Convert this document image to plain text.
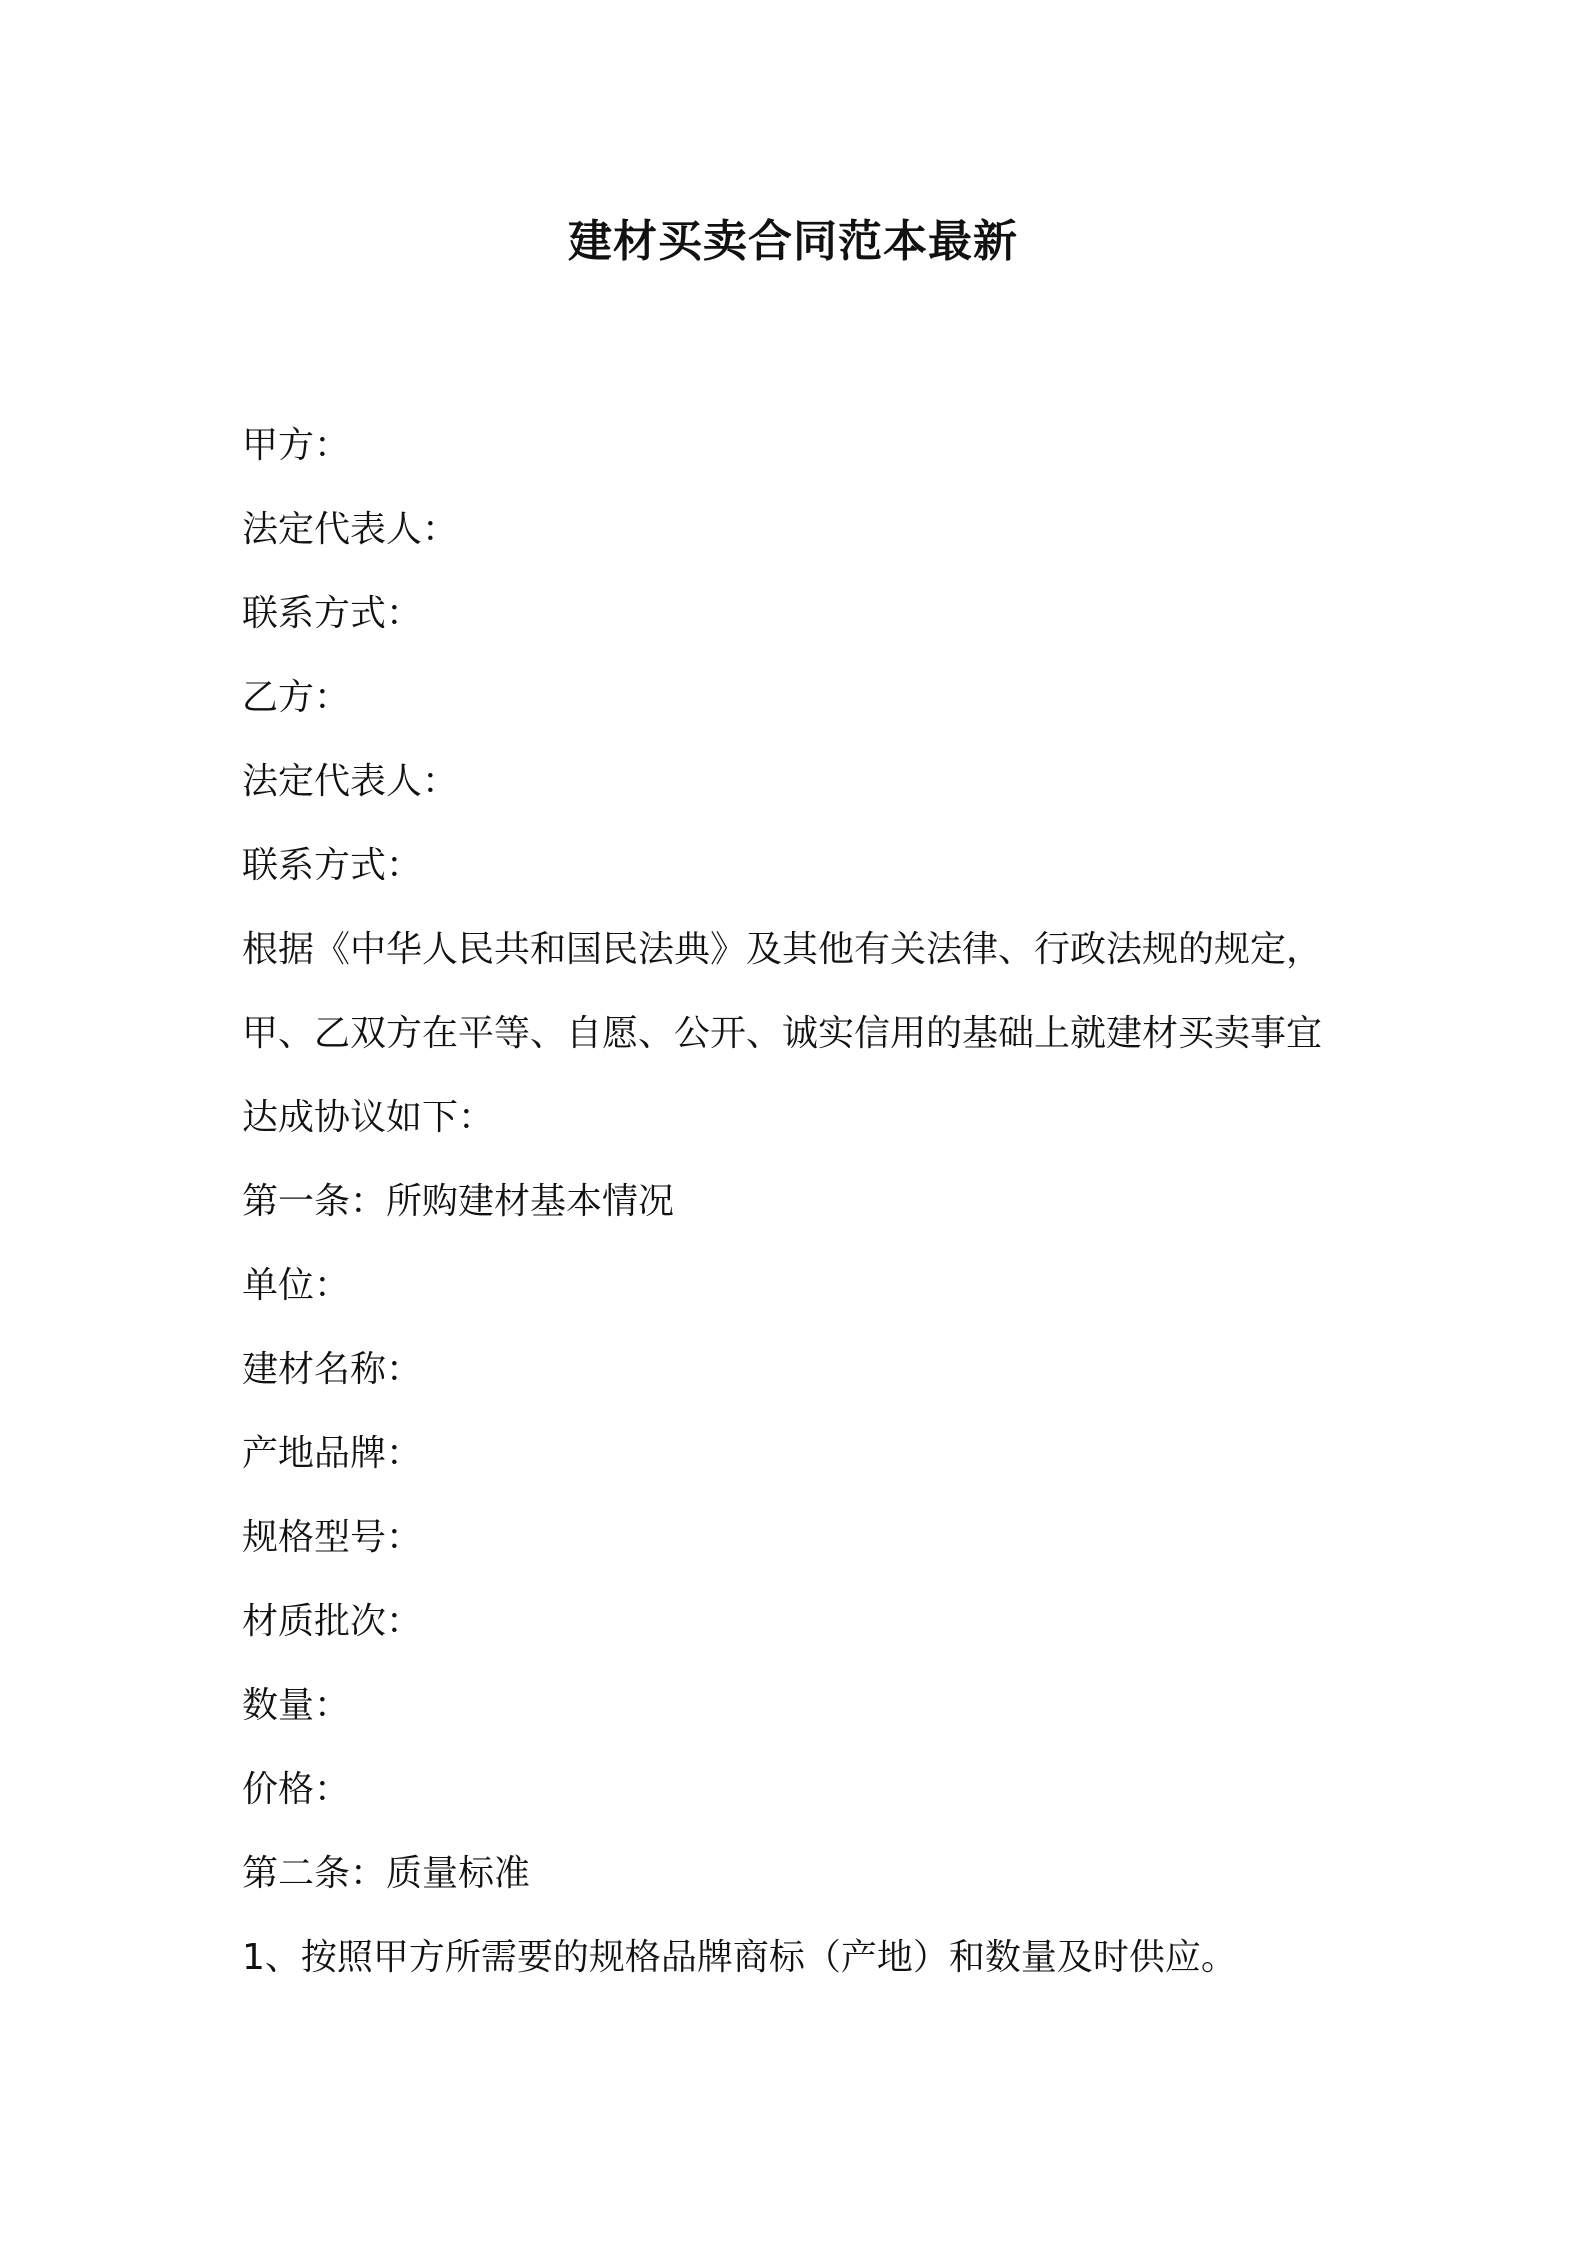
建材买卖合同范本最新
甲方：
法定代表人：
联系方式：
乙方：
法定代表人：
联系方式：
根据《中华人民共和国民法典》及其他有关法律、行政法规的规定，
甲、乙双方在平等、自愿、公开、诚实信用的基础上就建材买卖事宜
达成协议如下：
第一条：所购建材基本情况
单位：
建材名称：
产地品牌：
规格型号：
材质批次：
数量：
价格：
第二条：质量标准
1、按照甲方所需要的规格品牌商标（产地）和数量及时供应。
